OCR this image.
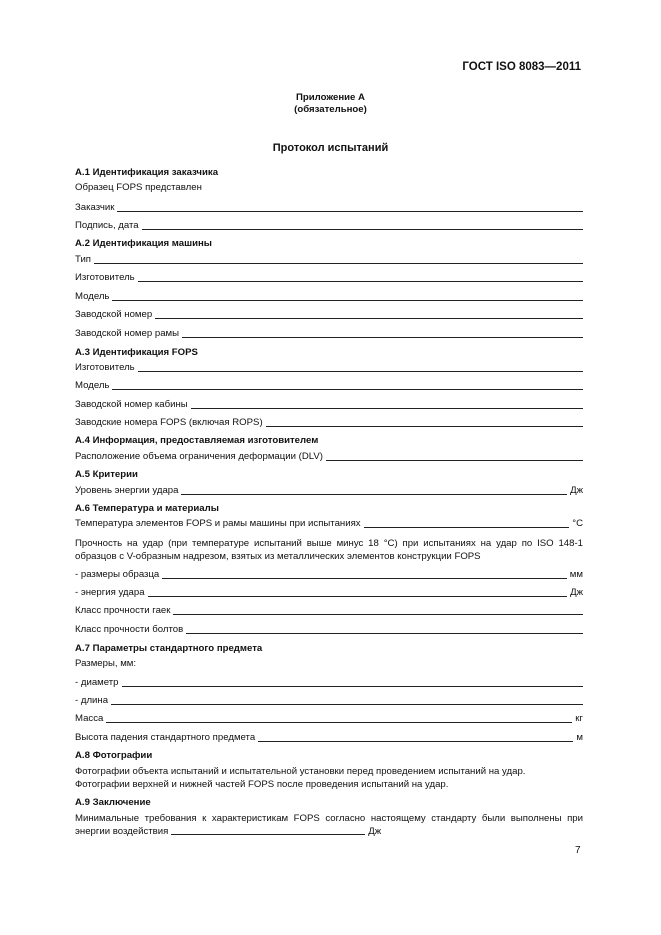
ГОСТ ISO 8083—2011
Приложение А
(обязательное)
Протокол испытаний
А.1 Идентификация заказчика
Образец FOPS представлен
Заказчик
Подпись, дата
А.2 Идентификация машины
Тип
Изготовитель
Модель
Заводской номер
Заводской номер рамы
А.3 Идентификация FOPS
Изготовитель
Модель
Заводской номер кабины
Заводские номера FOPS (включая ROPS)
А.4 Информация, предоставляемая изготовителем
Расположение объема ограничения деформации (DLV)
А.5 Критерии
Уровень энергии удара	Дж
А.6 Температура и материалы
Температура элементов FOPS и рамы машины при испытаниях	°С
Прочность на удар (при температуре испытаний выше минус 18 °С) при испытаниях на удар по ISO 148-1 образцов с V-образным надрезом, взятых из металлических элементов конструкции FOPS
- размеры образца	мм
- энергия удара	Дж
Класс прочности гаек
Класс прочности болтов
А.7 Параметры стандартного предмета
Размеры, мм:
- диаметр
- длина
Масса	кг
Высота падения стандартного предмета	м
А.8 Фотографии
Фотографии объекта испытаний и испытательной установки перед проведением испытаний на удар.
Фотографии верхней и нижней частей FOPS после проведения испытаний на удар.
А.9 Заключение
Минимальные требования к характеристикам FOPS согласно настоящему стандарту были выполнены при энергии воздействия	Дж
7
